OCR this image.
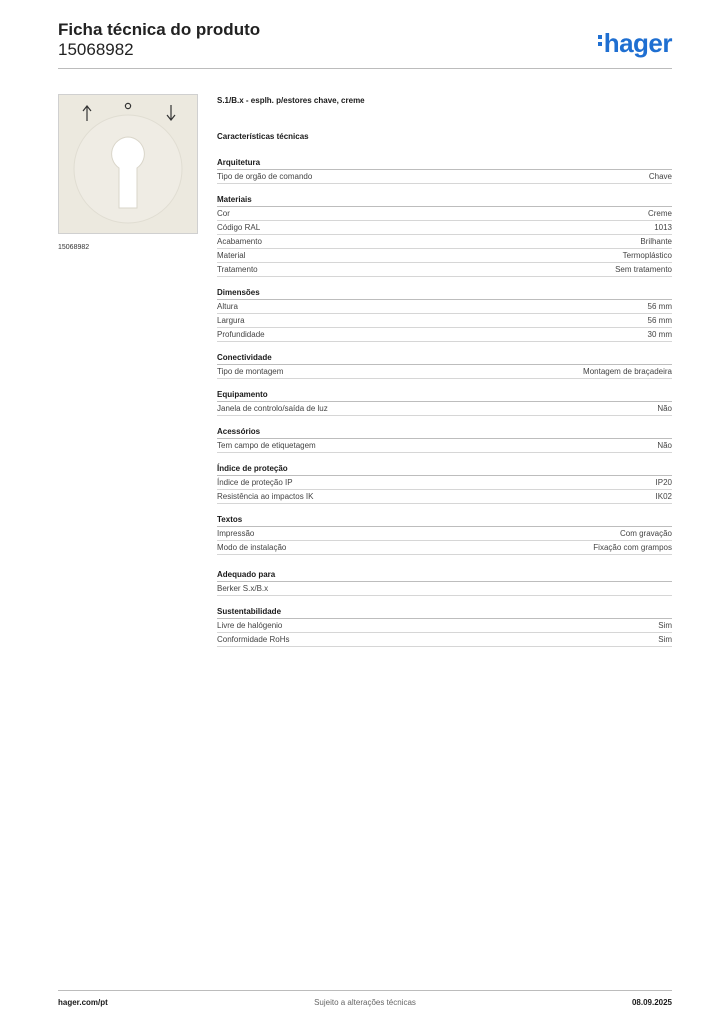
Ficha técnica do produto
15068982	hager
15068982
S.1/B.x - esplh. p/estores chave, creme
Características técnicas
Arquitetura
Tipo de orgão de comando	Chave
Materiais
Cor	Creme
Código RAL	1013
Acabamento	Brilhante
Material	Termoplástico
Tratamento	Sem tratamento
Dimensões
Altura	56 mm
Largura	56 mm
Profundidade	30 mm
Conectividade
Tipo de montagem	Montagem de braçadeira
Equipamento
Janela de controlo/saída de luz	Não
Acessórios
Tem campo de etiquetagem	Não
Índice de proteção
Índice de proteção IP	IP20
Resistência ao impactos IK	IK02
Textos
Impressão	Com gravação
Modo de instalação	Fixação com grampos
Adequado para
Berker S.x/B.x
Sustentabilidade
Livre de halógenio	Sim
Conformidade RoHs	Sim
hager.com/pt	Sujeito a alterações técnicas	08.09.2025
